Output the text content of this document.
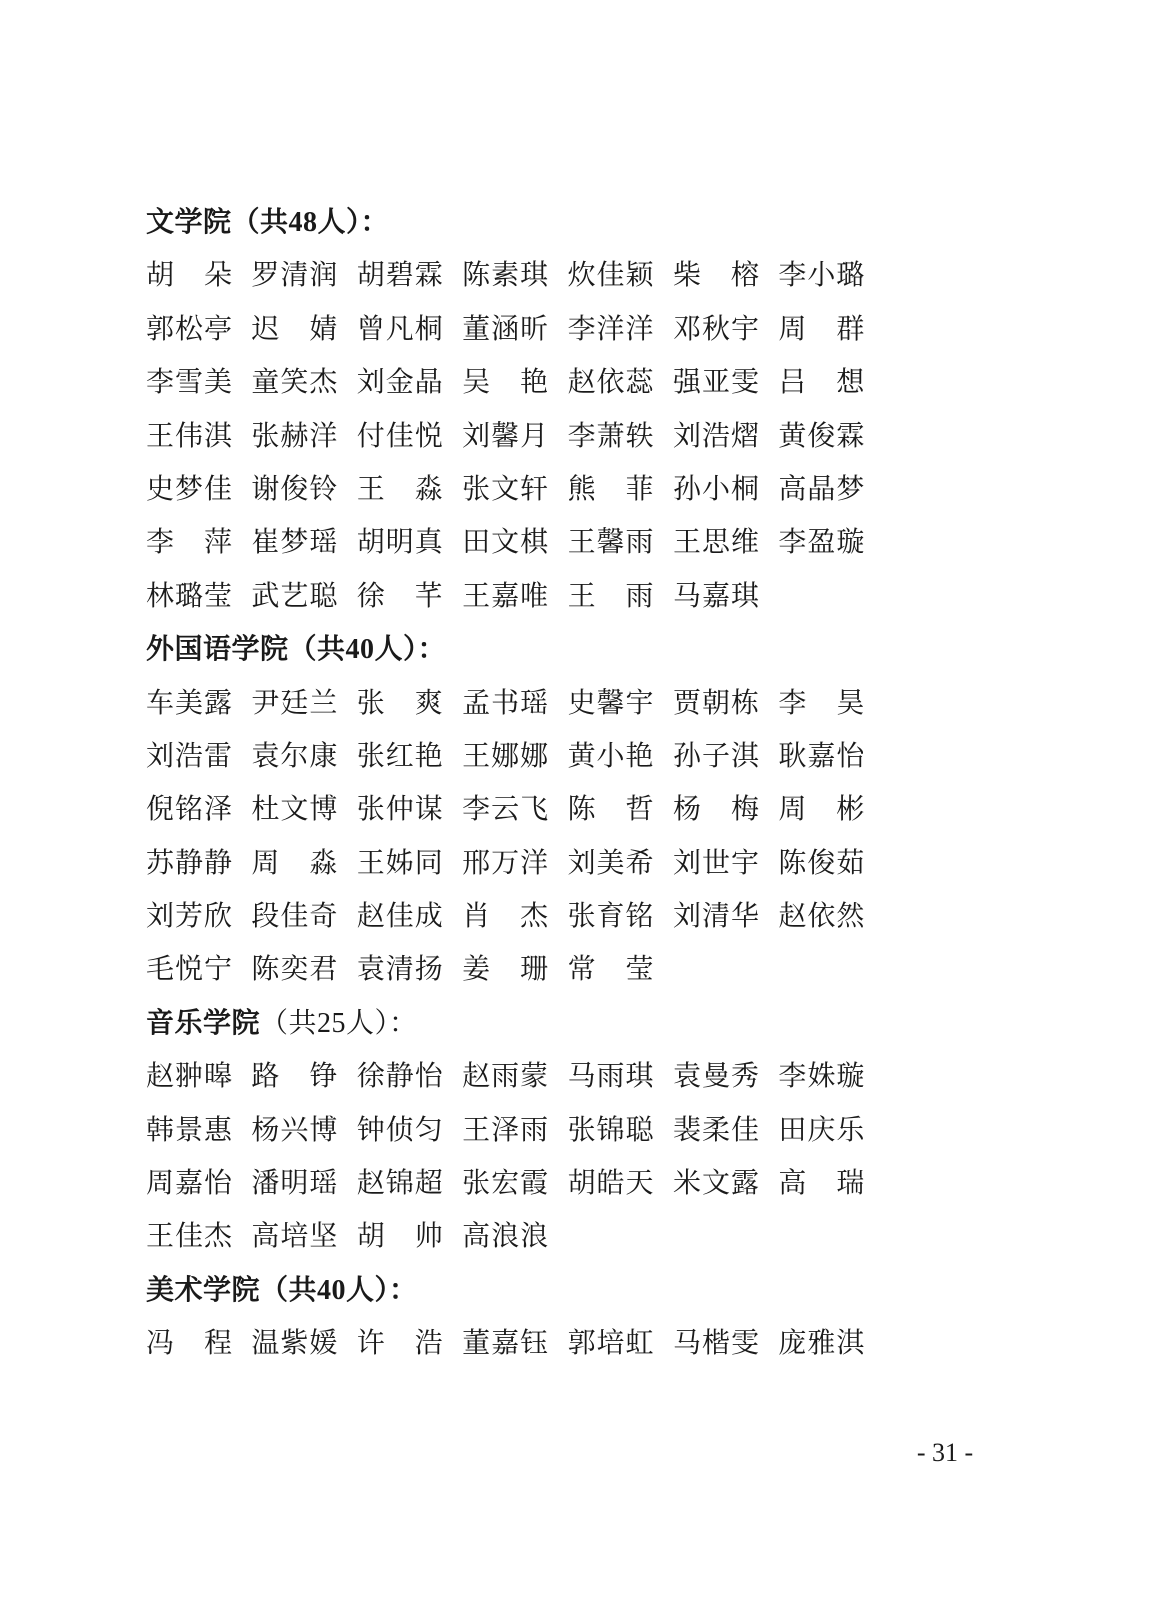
文学院（共48人）：
胡　朵 罗清润 胡碧霖 陈素琪 炊佳颖 柴　榕 李小璐
郭松亭 迟　婧 曾凡桐 董涵昕 李洋洋 邓秋宇 周　群
李雪美 童笑杰 刘金晶 吴　艳 赵依蕊 强亚雯 吕　想
王伟淇 张赫洋 付佳悦 刘馨月 李萧轶 刘浩熠 黄俊霖
史梦佳 谢俊铃 王　淼 张文轩 熊　菲 孙小桐 高晶梦
李　萍 崔梦瑶 胡明真 田文棋 王馨雨 王思维 李盈璇
林璐莹 武艺聪 徐　芊 王嘉唯 王　雨 马嘉琪
外国语学院（共40人）：
车美露 尹廷兰 张　爽 孟书瑶 史馨宇 贾朝栋 李　昊
刘浩雷 袁尔康 张红艳 王娜娜 黄小艳 孙子淇 耿嘉怡
倪铭泽 杜文博 张仲谋 李云飞 陈　哲 杨　梅 周　彬
苏静静 周　淼 王姊同 邢万洋 刘美希 刘世宇 陈俊茹
刘芳欣 段佳奇 赵佳成 肖　杰 张育铭 刘清华 赵依然
毛悦宁 陈奕君 袁清扬 姜　珊 常　莹
音乐学院（共25人）：
赵翀暤 路　铮 徐静怡 赵雨蒙 马雨琪 袁曼秀 李姝璇
韩景惠 杨兴博 钟侦匀 王泽雨 张锦聪 裴柔佳 田庆乐
周嘉怡 潘明瑶 赵锦超 张宏霞 胡皓天 米文露 高　瑞
王佳杰 高培坚 胡　帅 高浪浪
美术学院（共40人）：
冯　程 温紫媛 许　浩 董嘉钰 郭培虹 马楷雯 庞雅淇
- 31 -
